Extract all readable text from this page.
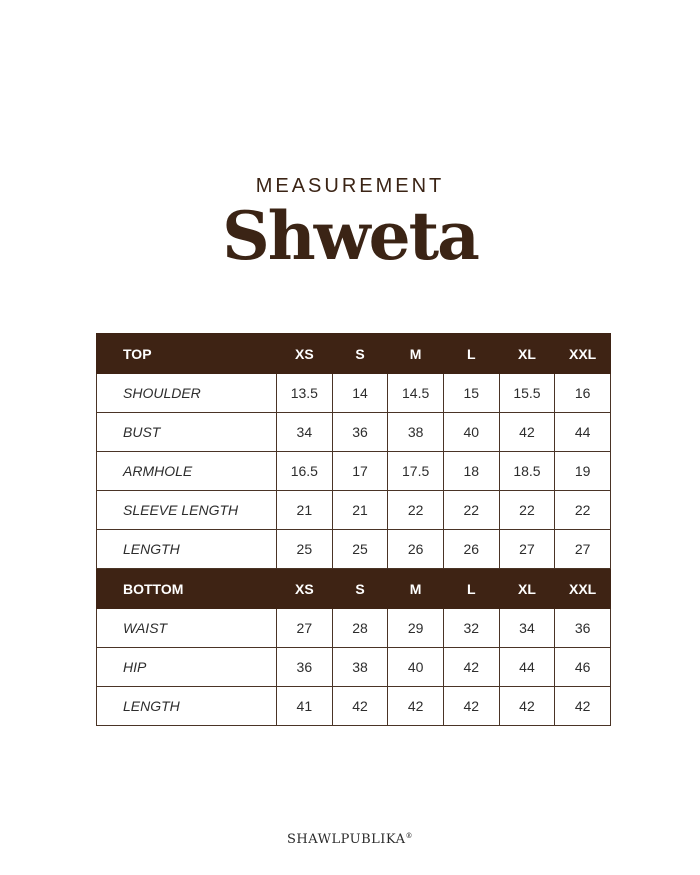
MEASUREMENT
Shweta
TOP	XS	S	M	L	XL	XXL
SHOULDER	13.5	14	14.5	15	15.5	16
BUST	34	36	38	40	42	44
ARMHOLE	16.5	17	17.5	18	18.5	19
SLEEVE LENGTH	21	21	22	22	22	22
LENGTH	25	25	26	26	27	27
BOTTOM	XS	S	M	L	XL	XXL
WAIST	27	28	29	32	34	36
HIP	36	38	40	42	44	46
LENGTH	41	42	42	42	42	42
SHAWLPUBLIKA®
